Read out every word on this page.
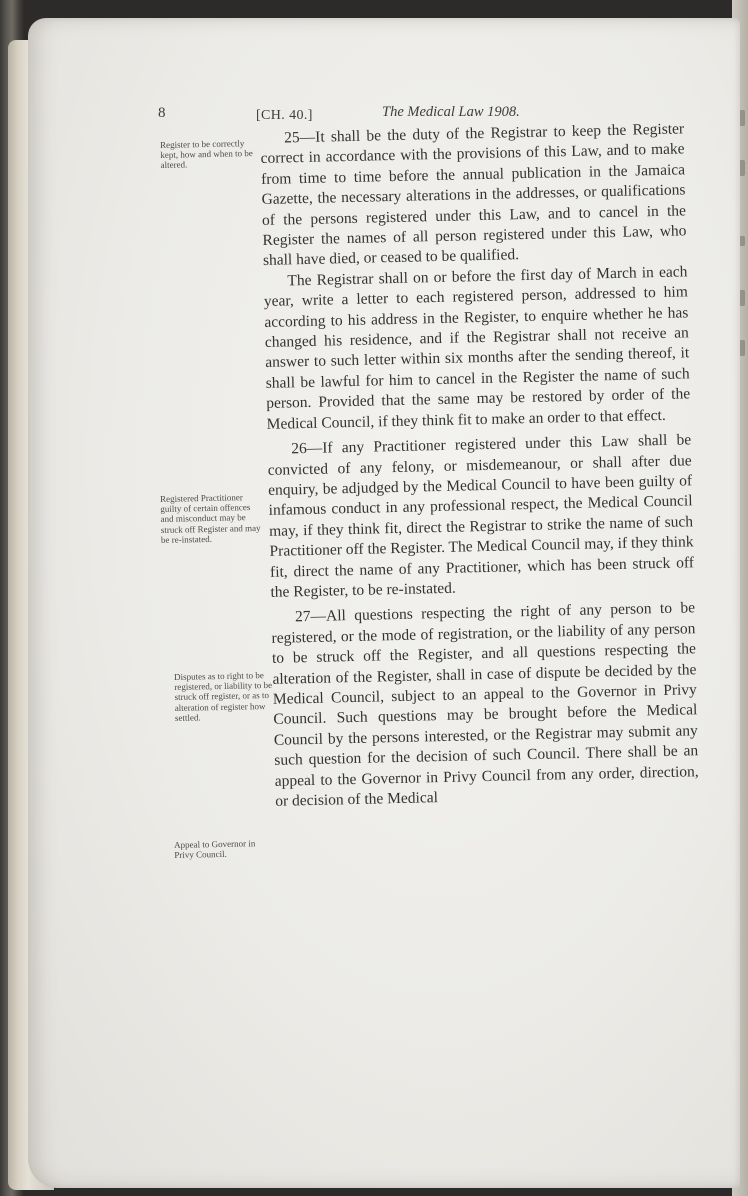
8	[CH. 40.]	The Medical Law 1908.
Register to be correctly kept, how and when to be altered.
Registered Practitioner guilty of certain offences and misconduct may be struck off Register and may be re-instated.
Disputes as to right to be registered, or liability to be struck off register, or as to alteration of register how settled.
Appeal to Governor in Privy Council.

25—It shall be the duty of the Registrar to keep the Register correct in accordance with the provisions of this Law, and to make from time to time before the annual publication in the Jamaica Gazette, the necessary alterations in the addresses, or qualifications of the persons registered under this Law, and to cancel in the Register the names of all person registered under this Law, who shall have died, or ceased to be qualified.

The Registrar shall on or before the first day of March in each year, write a letter to each registered person, addressed to him according to his address in the Register, to enquire whether he has changed his residence, and if the Registrar shall not receive an answer to such letter within six months after the sending thereof, it shall be lawful for him to cancel in the Register the name of such person. Provided that the same may be restored by order of the Medical Council, if they think fit to make an order to that effect.

26—If any Practitioner registered under this Law shall be convicted of any felony, or misdemeanour, or shall after due enquiry, be adjudged by the Medical Council to have been guilty of infamous conduct in any professional respect, the Medical Council may, if they think fit, direct the Registrar to strike the name of such Practitioner off the Register. The Medical Council may, if they think fit, direct the name of any Practitioner, which has been struck off the Register, to be re-instated.

27—All questions respecting the right of any person to be registered, or the mode of registration, or the liability of any person to be struck off the Register, and all questions respecting the alteration of the Register, shall in case of dispute be decided by the Medical Council, subject to an appeal to the Governor in Privy Council. Such questions may be brought before the Medical Council by the persons interested, or the Registrar may submit any such question for the decision of such Council. There shall be an appeal to the Governor in Privy Council from any order, direction, or decision of the Medical
